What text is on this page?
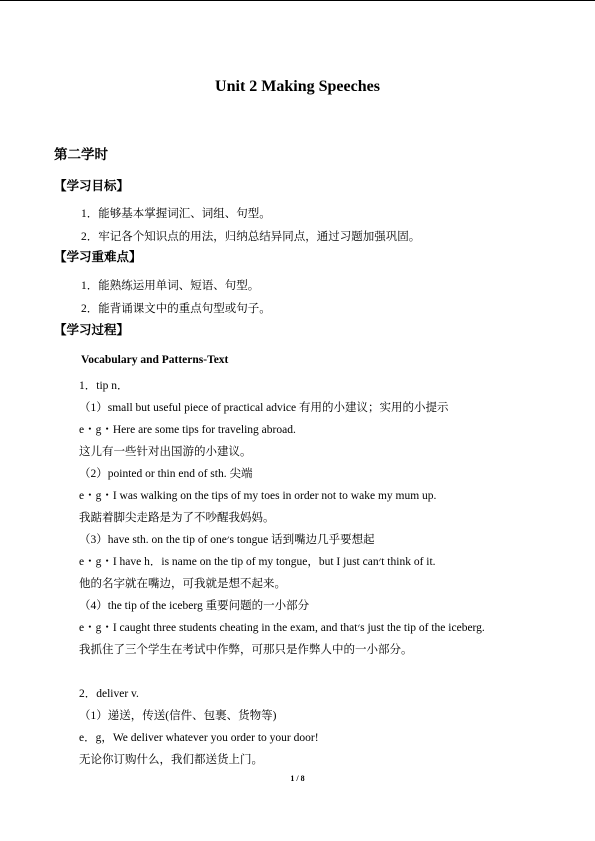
Unit 2 Making Speeches
第二学时
【学习目标】
1．能够基本掌握词汇、词组、句型。
2．牢记各个知识点的用法，归纳总结异同点，通过习题加强巩固。
【学习重难点】
1．能熟练运用单词、短语、句型。
2．能背诵课文中的重点句型或句子。
【学习过程】
Vocabulary and Patterns-Text
1．tip n．
（1）small but useful piece of practical advice 有用的小建议；实用的小提示
e・g・Here are some tips for traveling abroad.
这儿有一些针对出国游的小建议。
（2）pointed or thin end of sth. 尖端
e・g・I was walking on the tips of my toes in order not to wake my mum up.
我踮着脚尖走路是为了不吵醒我妈妈。
（3）have sth. on the tip of one׳s tongue 话到嘴边几乎要想起
e・g・I have h．is name on the tip of my tongue，but I just can׳t think of it.
他的名字就在嘴边，可我就是想不起来。
（4）the tip of the iceberg 重要问题的一小部分
e・g・I caught three students cheating in the exam, and that׳s just the tip of the iceberg.
我抓住了三个学生在考试中作弊，可那只是作弊人中的一小部分。
2．deliver v.
（1）递送，传送(信件、包裹、货物等)
e．g，We deliver whatever you order to your door!
无论你订购什么，我们都送货上门。
1 / 8
